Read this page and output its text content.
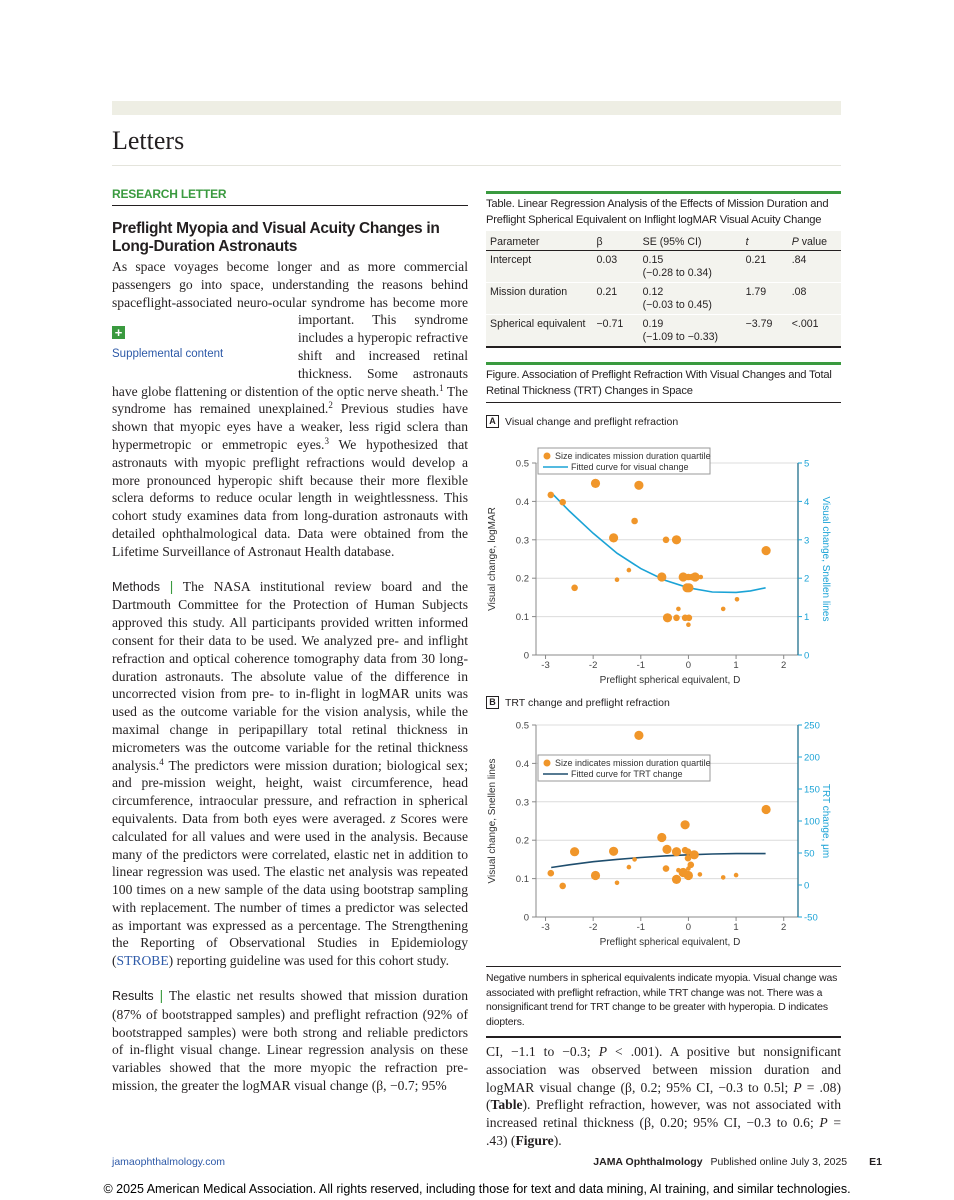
Letters
RESEARCH LETTER
Preflight Myopia and Visual Acuity Changes in Long-Duration Astronauts

As space voyages become longer and as more commercial passengers go into space, understanding the reasons behind spaceflight-associated neuro-ocular syndrome has become more
+
Supplemental content
important. This syndrome includes a hyperopic refractive shift and increased retinal thickness. Some astronauts have globe flattening or distention of the optic nerve sheath.$^1$ The syndrome has remained unexplained.$^2$ Previous studies have shown that myopic eyes have a weaker, less rigid sclera than hypermetropic or emmetropic eyes.$^3$ We hypothesized that astronauts with myopic preflight refractions would develop a more pronounced hyperopic shift because their more flexible sclera deforms to reduce ocular length in weightlessness. This cohort study examines data from long-duration astronauts with detailed ophthalmological data. Data were obtained from the Lifetime Surveillance of Astronaut Health database.

Methods | The NASA institutional review board and the Dartmouth Committee for the Protection of Human Subjects approved this study. All participants provided written informed consent for their data to be used. We analyzed pre- and inflight refraction and optical coherence tomography data from 30 long-duration astronauts. The absolute value of the difference in uncorrected vision from pre- to in-flight in logMAR units was used as the outcome variable for the vision analysis, while the maximal change in peripapillary total retinal thickness in micrometers was the outcome variable for the retinal thickness analysis.$^4$ The predictors were mission duration; biological sex; and pre-mission weight, height, waist circumference, head circumference, intraocular pressure, and refraction in spherical equivalents. Data from both eyes were averaged. z Scores were calculated for all values and were used in the analysis. Because many of the predictors were correlated, elastic net in addition to linear regression was used. The elastic net analysis was repeated 100 times on a new sample of the data using bootstrap sampling with replacement. The number of times a predictor was selected as important was expressed as a percentage. The Strengthening the Reporting of Observational Studies in Epidemiology (STROBE) reporting guideline was used for this cohort study.

Results | The elastic net results showed that mission duration (87% of bootstrapped samples) and preflight refraction (92% of bootstrapped samples) were both strong and reliable predictors of in-flight visual change. Linear regression analysis on these variables showed that the more myopic the refraction pre-mission, the greater the logMAR visual change (β, −0.7; 95%

Table. Linear Regression Analysis of the Effects of Mission Duration and Preflight Spherical Equivalent on Inflight logMAR Visual Acuity Change
Parameter	β	SE (95% CI)	t	P value
Intercept	0.03	0.15
(−0.28 to 0.34)	0.21	.84
Mission duration	0.21	0.12
(−0.03 to 0.45)	1.79	.08
Spherical equivalent	−0.71	0.19
(−1.09 to −0.33)	−3.79	<.001
Figure. Association of Preflight Refraction With Visual Changes and Total Retinal Thickness (TRT) Changes in Space
A Visual change and preflight refraction
0
0.1
0.2
0.3
0.4
0.5
-3	-2	-1	0	1	2
0
1
2
3
4
5
Preflight spherical equivalent, D
Visual change, logMAR	Visual change, Snellen lines
Size indicates mission duration quartile
Fitted curve for visual change
B TRT change and preflight refraction
0
0.1
0.2
0.3
0.4
0.5
-3	-2	-1	0	1	2
-50
0
50
100
150
200
250
Preflight spherical equivalent, D
Visual change, Snellen lines	TRT change, μm
Size indicates mission duration quartile
Fitted curve for TRT change
Negative numbers in spherical equivalents indicate myopia. Visual change was associated with preflight refraction, while TRT change was not. There was a nonsignificant trend for TRT change to be greater with hyperopia. D indicates diopters.

CI, −1.1 to −0.3; P < .001). A positive but nonsignificant association was observed between mission duration and logMAR visual change (β, 0.2; 95% CI, −0.3 to 0.5l; P = .08) (Table). Preflight refraction, however, was not associated with increased retinal thickness (β, 0.20; 95% CI, −0.3 to 0.6; P = .43) (Figure).

jamaophthalmology.com	JAMA Ophthalmology Published online July 3, 2025 E1
© 2025 American Medical Association. All rights reserved, including those for text and data mining, AI training, and similar technologies.
